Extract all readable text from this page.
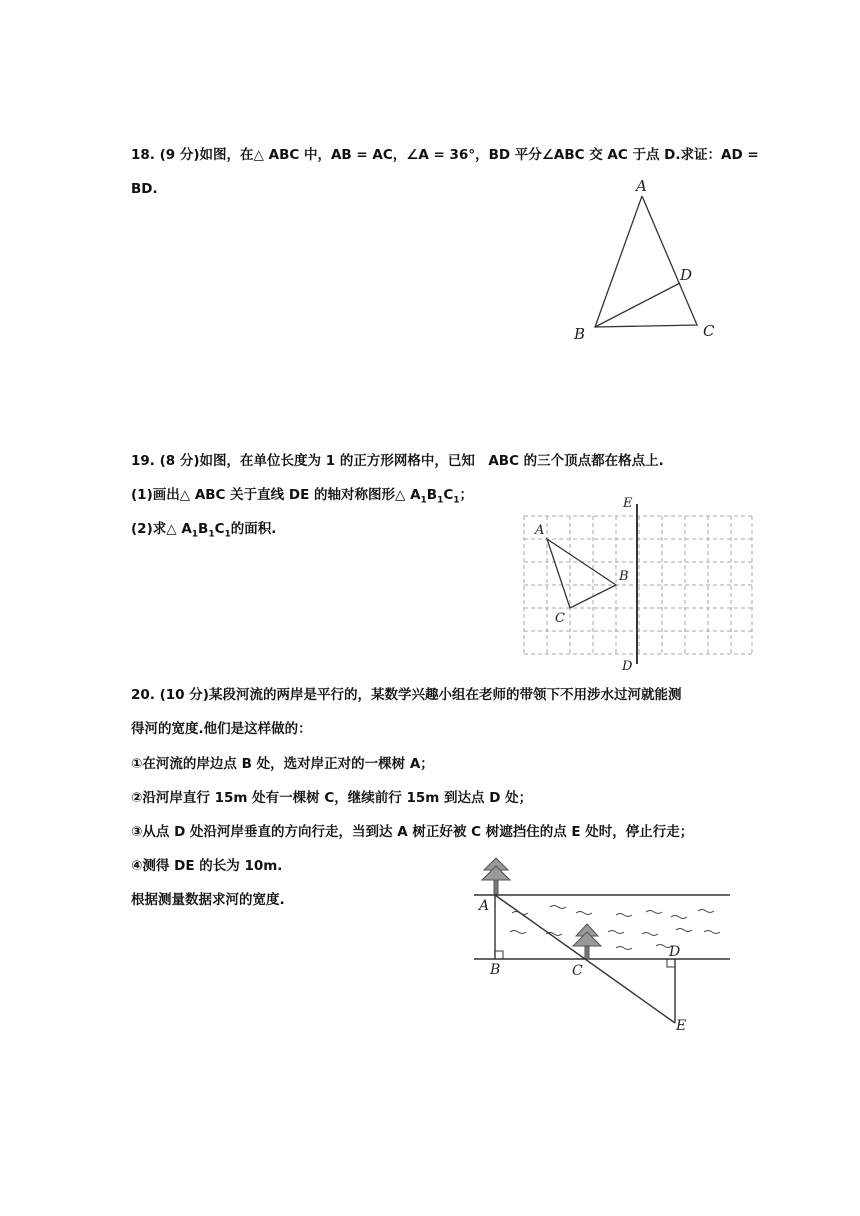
18. (9 分)如图，在△ ABC 中，AB = AC，∠A = 36°，BD 平分∠ABC 交 AC 于点 D.求证：AD =
BD.	A
B	C
D
19. (8 分)如图，在单位长度为 1 的正方形网格中，已知　ABC 的三个顶点都在格点上.
(1)画出△ ABC 关于直线 DE 的轴对称图形△ $A_1B_1C_1$；
(2)求△ $A_1B_1C_1$的面积.	A
B
C
E
D
20. (10 分)某段河流的两岸是平行的，某数学兴趣小组在老师的带领下不用涉水过河就能测
得河的宽度.他们是这样做的：
①在河流的岸边点 B 处，选对岸正对的一棵树 A；
②沿河岸直行 15m 处有一棵树 C，继续前行 15m 到达点 D 处；
③从点 D 处沿河岸垂直的方向行走，当到达 A 树正好被 C 树遮挡住的点 E 处时，停止行走；
④测得 DE 的长为 10m.
根据测量数据求河的宽度.	A
B	C
D
E
